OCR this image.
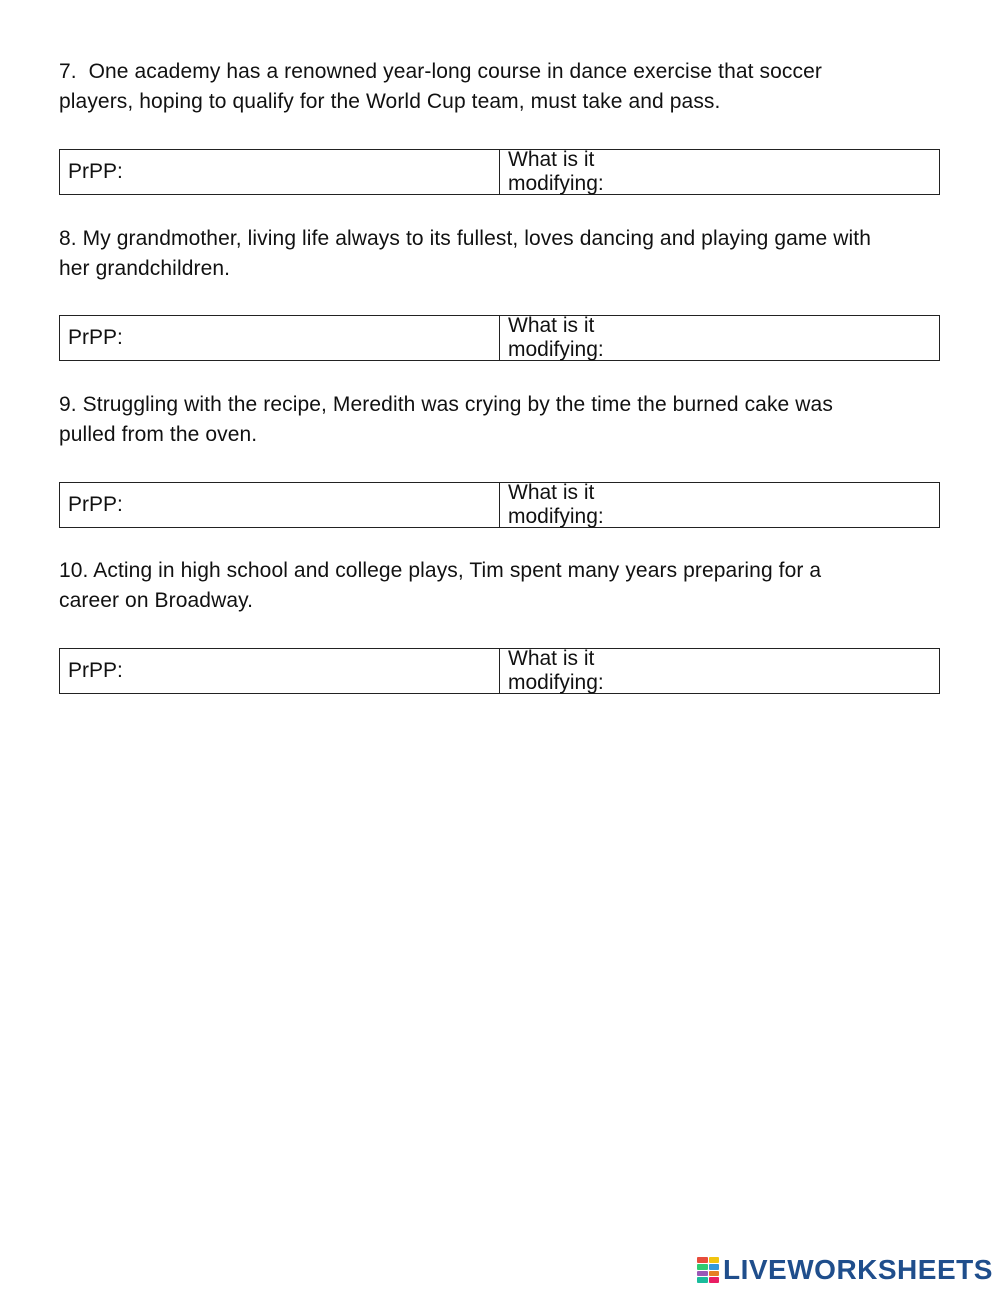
7.  One academy has a renowned year-long course in dance exercise that soccer
players, hoping to qualify for the World Cup team, must take and pass.
PrPP:
What is it modifying:
8. My grandmother, living life always to its fullest, loves dancing and playing game with
her grandchildren.
PrPP:
What is it modifying:
9. Struggling with the recipe, Meredith was crying by the time the burned cake was
pulled from the oven.
PrPP:
What is it modifying:
10. Acting in high school and college plays, Tim spent many years preparing for a
career on Broadway.
PrPP:
What is it modifying:
LIVEWORKSHEETS
